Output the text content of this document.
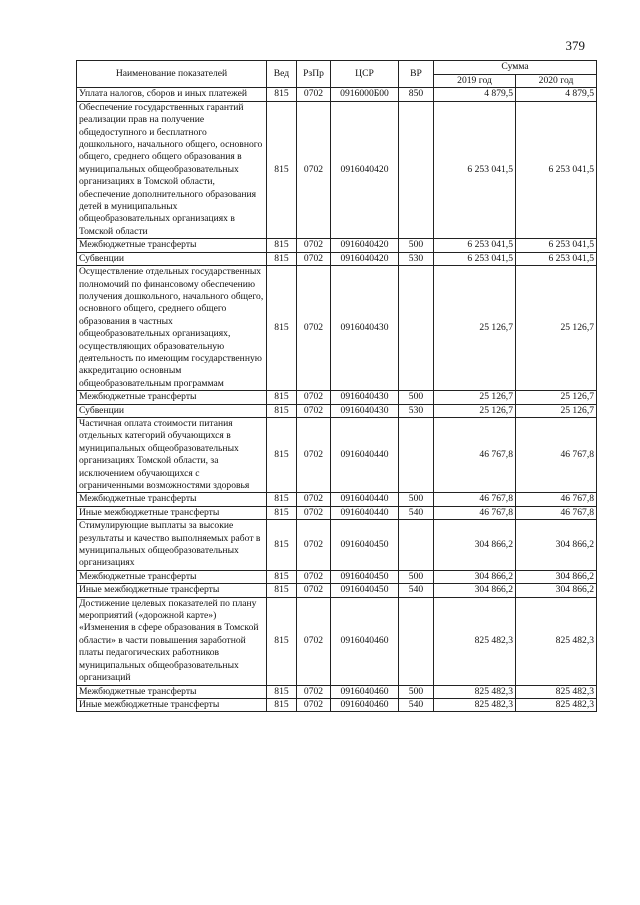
379
Наименование показателей	Вед	РзПр	ЦСР	ВР	Сумма	
					2019 год	2020 год
Уплата налогов, сборов и иных платежей	815	0702	0916000Б00	850	4 879,5	4 879,5
Обеспечение государственных гарантий реализации прав на получение общедоступного и бесплатного дошкольного, начального общего, основного общего, среднего общего образования в муниципальных общеобразовательных организациях в Томской области, обеспечение дополнительного образования детей в муниципальных общеобразовательных организациях в Томской области	815	0702	0916040420		6 253 041,5	6 253 041,5
Межбюджетные трансферты	815	0702	0916040420	500	6 253 041,5	6 253 041,5
Субвенции	815	0702	0916040420	530	6 253 041,5	6 253 041,5
Осуществление отдельных государственных полномочий по финансовому обеспечению получения дошкольного, начального общего, основного общего, среднего общего образования в частных общеобразовательных организациях, осуществляющих образовательную деятельность по имеющим государственную аккредитацию основным общеобразовательным программам	815	0702	0916040430		25 126,7	25 126,7
Межбюджетные трансферты	815	0702	0916040430	500	25 126,7	25 126,7
Субвенции	815	0702	0916040430	530	25 126,7	25 126,7
Частичная оплата стоимости питания отдельных категорий обучающихся в муниципальных общеобразовательных организациях Томской области, за исключением обучающихся с ограниченными возможностями здоровья	815	0702	0916040440		46 767,8	46 767,8
Межбюджетные трансферты	815	0702	0916040440	500	46 767,8	46 767,8
Иные межбюджетные трансферты	815	0702	0916040440	540	46 767,8	46 767,8
Стимулирующие выплаты за высокие результаты и качество выполняемых работ в муниципальных общеобразовательных организациях	815	0702	0916040450		304 866,2	304 866,2
Межбюджетные трансферты	815	0702	0916040450	500	304 866,2	304 866,2
Иные межбюджетные трансферты	815	0702	0916040450	540	304 866,2	304 866,2
Достижение целевых показателей по плану мероприятий («дорожной карте») «Изменения в сфере образования в Томской области» в части повышения заработной платы педагогических работников муниципальных общеобразовательных организаций	815	0702	0916040460		825 482,3	825 482,3
Межбюджетные трансферты	815	0702	0916040460	500	825 482,3	825 482,3
Иные межбюджетные трансферты	815	0702	0916040460	540	825 482,3	825 482,3
